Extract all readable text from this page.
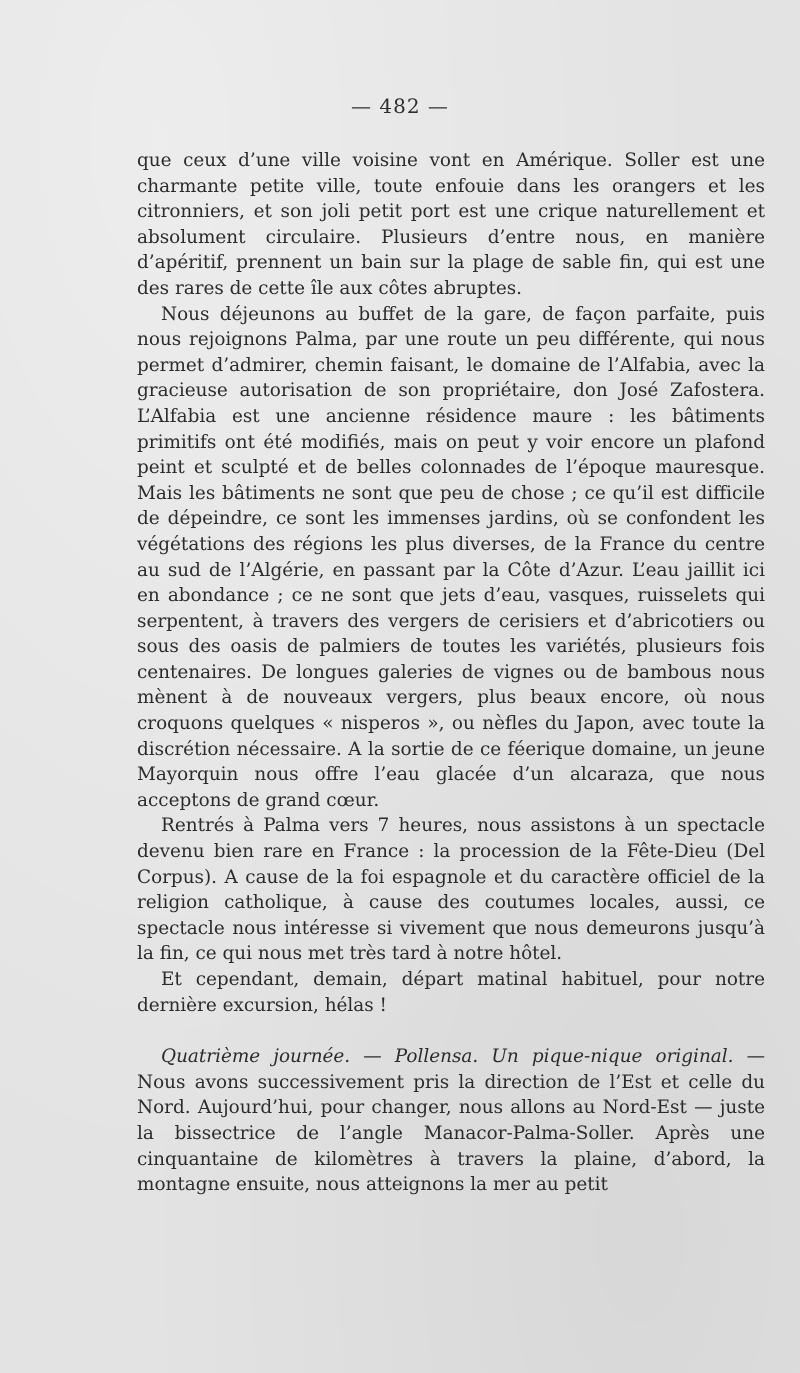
— 482 —

que ceux d’une ville voisine vont en Amérique. Soller est une charmante petite ville, toute enfouie dans les orangers et les citronniers, et son joli petit port est une crique naturellement et absolument circulaire. Plusieurs d’entre nous, en manière d’apéritif, prennent un bain sur la plage de sable fin, qui est une des rares de cette île aux côtes abruptes.

Nous déjeunons au buffet de la gare, de façon parfaite, puis nous rejoignons Palma, par une route un peu différente, qui nous permet d’admirer, chemin faisant, le domaine de l’Alfabia, avec la gracieuse autorisation de son propriétaire, don José Zafostera. L’Alfabia est une ancienne résidence maure : les bâtiments primitifs ont été modifiés, mais on peut y voir encore un plafond peint et sculpté et de belles colonnades de l’époque mauresque. Mais les bâtiments ne sont que peu de chose ; ce qu’il est difficile de dépeindre, ce sont les immenses jardins, où se confondent les végétations des régions les plus diverses, de la France du centre au sud de l’Algérie, en passant par la Côte d’Azur. L’eau jaillit ici en abondance ; ce ne sont que jets d’eau, vasques, ruisselets qui serpentent, à travers des vergers de cerisiers et d’abricotiers ou sous des oasis de palmiers de toutes les variétés, plusieurs fois centenaires. De longues galeries de vignes ou de bambous nous mènent à de nouveaux vergers, plus beaux encore, où nous croquons quelques « nisperos », ou nèfles du Japon, avec toute la discrétion nécessaire. A la sortie de ce féerique domaine, un jeune Mayorquin nous offre l’eau glacée d’un alcaraza, que nous acceptons de grand cœur.

Rentrés à Palma vers 7 heures, nous assistons à un spectacle devenu bien rare en France : la procession de la Fête-Dieu (Del Corpus). A cause de la foi espagnole et du caractère officiel de la religion catholique, à cause des coutumes locales, aussi, ce spectacle nous intéresse si vivement que nous demeurons jusqu’à la fin, ce qui nous met très tard à notre hôtel.

Et cependant, demain, départ matinal habituel, pour notre dernière excursion, hélas !

Quatrième journée. — Pollensa. Un pique-nique original. — Nous avons successivement pris la direction de l’Est et celle du Nord. Aujourd’hui, pour changer, nous allons au Nord-Est — juste la bissectrice de l’angle Manacor-Palma-Soller. Après une cinquantaine de kilomètres à travers la plaine, d’abord, la montagne ensuite, nous atteignons la mer au petit
